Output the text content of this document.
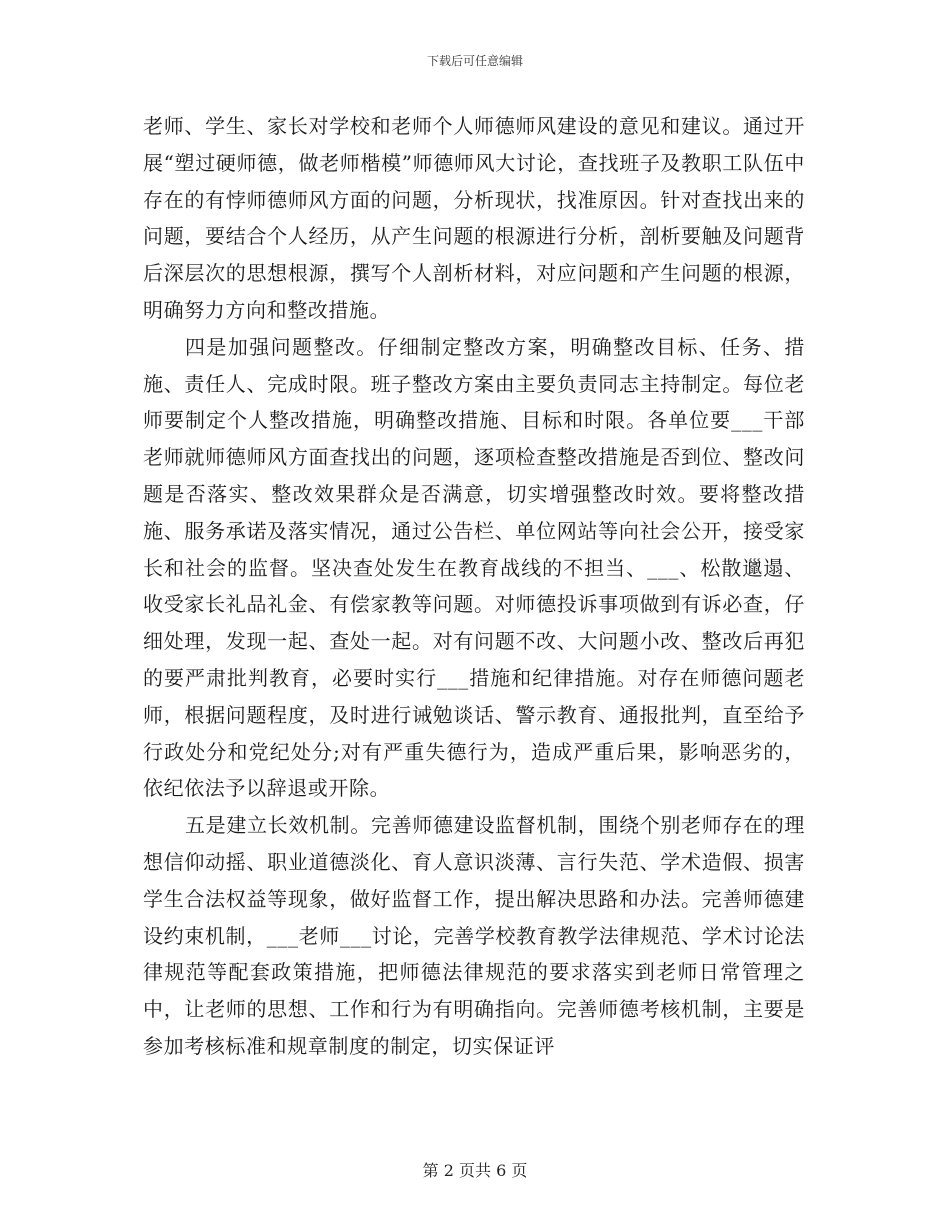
下载后可任意编辑

老师、学生、家长对学校和老师个人师德师风建设的意见和建议。通过开展“塑过硬师德，做老师楷模”师德师风大讨论，查找班子及教职工队伍中存在的有悖师德师风方面的问题，分析现状，找准原因。针对查找出来的问题，要结合个人经历，从产生问题的根源进行分析，剖析要触及问题背后深层次的思想根源，撰写个人剖析材料，对应问题和产生问题的根源，明确努力方向和整改措施。

四是加强问题整改。仔细制定整改方案，明确整改目标、任务、措施、责任人、完成时限。班子整改方案由主要负责同志主持制定。每位老师要制定个人整改措施，明确整改措施、目标和时限。各单位要___干部老师就师德师风方面查找出的问题，逐项检查整改措施是否到位、整改问题是否落实、整改效果群众是否满意，切实增强整改时效。要将整改措施、服务承诺及落实情况，通过公告栏、单位网站等向社会公开，接受家长和社会的监督。坚决查处发生在教育战线的不担当、___、松散邋遢、收受家长礼品礼金、有偿家教等问题。对师德投诉事项做到有诉必查，仔细处理，发现一起、查处一起。对有问题不改、大问题小改、整改后再犯的要严肃批判教育，必要时实行___措施和纪律措施。对存在师德问题老师，根据问题程度，及时进行诫勉谈话、警示教育、通报批判，直至给予行政处分和党纪处分;对有严重失德行为，造成严重后果，影响恶劣的，依纪依法予以辞退或开除。

五是建立长效机制。完善师德建设监督机制，围绕个别老师存在的理想信仰动摇、职业道德淡化、育人意识淡薄、言行失范、学术造假、损害学生合法权益等现象，做好监督工作，提出解决思路和办法。完善师德建设约束机制，___老师___讨论，完善学校教育教学法律规范、学术讨论法律规范等配套政策措施，把师德法律规范的要求落实到老师日常管理之中，让老师的思想、工作和行为有明确指向。完善师德考核机制，主要是参加考核标准和规章制度的制定，切实保证评

第 2 页共 6 页
